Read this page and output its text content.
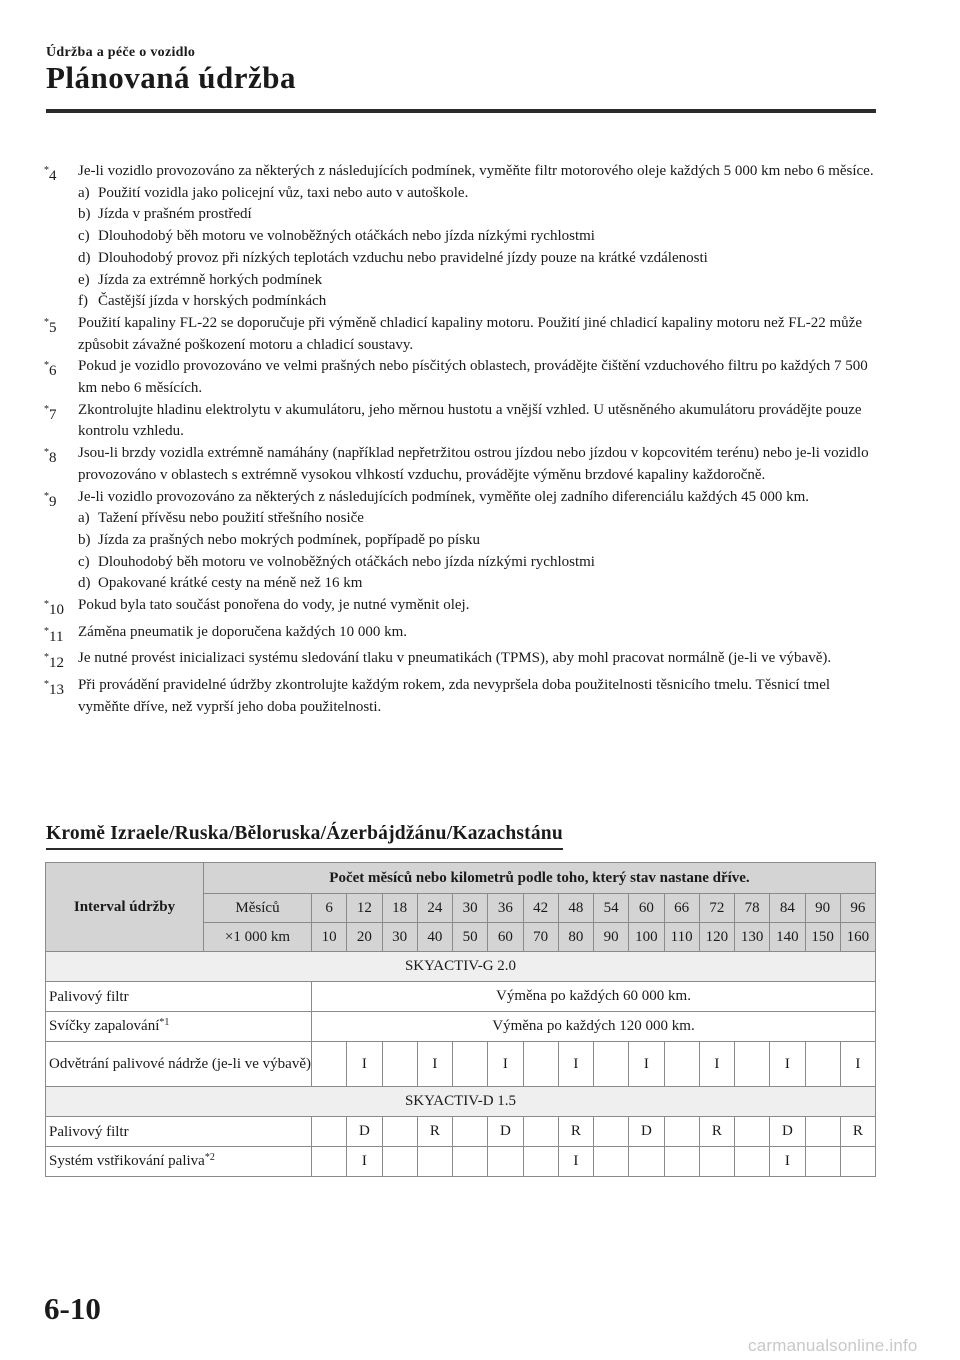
Údržba a péče o vozidlo
Plánovaná údržba
*4	Je-li vozidlo provozováno za některých z následujících podmínek, vyměňte filtr motorového oleje každých 5 000 km nebo 6 měsíce.
a) Použití vozidla jako policejní vůz, taxi nebo auto v autoškole.
b) Jízda v prašném prostředí
c) Dlouhodobý běh motoru ve volnoběžných otáčkách nebo jízda nízkými rychlostmi
d) Dlouhodobý provoz při nízkých teplotách vzduchu nebo pravidelné jízdy pouze na krátké vzdálenosti
e) Jízda za extrémně horkých podmínek
f) Častější jízda v horských podmínkách
*5	Použití kapaliny FL-22 se doporučuje při výměně chladicí kapaliny motoru. Použití jiné chladicí kapaliny motoru než FL-22 může způsobit závažné poškození motoru a chladicí soustavy.
*6	Pokud je vozidlo provozováno ve velmi prašných nebo písčitých oblastech, provádějte čištění vzduchového filtru po každých 7 500 km nebo 6 měsících.
*7	Zkontrolujte hladinu elektrolytu v akumulátoru, jeho měrnou hustotu a vnější vzhled. U utěsněného akumulátoru provádějte pouze kontrolu vzhledu.
*8	Jsou-li brzdy vozidla extrémně namáhány (například nepřetržitou ostrou jízdou nebo jízdou v kopcovitém terénu) nebo je-li vozidlo provozováno v oblastech s extrémně vysokou vlhkostí vzduchu, provádějte výměnu brzdové kapaliny každoročně.
*9	Je-li vozidlo provozováno za některých z následujících podmínek, vyměňte olej zadního diferenciálu každých 45 000 km.
a) Tažení přívěsu nebo použití střešního nosiče
b) Jízda za prašných nebo mokrých podmínek, popřípadě po písku
c) Dlouhodobý běh motoru ve volnoběžných otáčkách nebo jízda nízkými rychlostmi
d) Opakované krátké cesty na méně než 16 km
*10 Pokud byla tato součást ponořena do vody, je nutné vyměnit olej.
*11 Záměna pneumatik je doporučena každých 10 000 km.
*12 Je nutné provést inicializaci systému sledování tlaku v pneumatikách (TPMS), aby mohl pracovat normálně (je-li ve výbavě).
*13 Při provádění pravidelné údržby zkontrolujte každým rokem, zda nevypršela doba použitelnosti těsnicího tmelu. Těsnicí tmel vyměňte dříve, než vyprší jeho doba použitelnosti.
Kromě Izraele/Ruska/Běloruska/Ázerbájdžánu/Kazachstánu
Interval údržby	Počet měsíců nebo kilometrů podle toho, který stav nastane dříve.																
	Měsíců	6	12	18	24	30	36	42	48	54	60	66	72	78	84	90	96
	×1 000 km	10	20	30	40	50	60	70	80	90	100	110	120	130	140	150	160
SKYACTIV-G 2.0																	
Palivový filtr		Výměna po každých 60 000 km.															
Svíčky zapalování$^{*1}$		Výměna po každých 120 000 km.															
Odvětrání palivové nádrže (je-li ve výbavě)			I		I		I		I		I		I		I		I
SKYACTIV-D 1.5																	
Palivový filtr			D		R		D		R		D		R		D		R
Systém vstřikování paliva$^{*2}$			I						I						I		
6-10
carmanualsonline.info
